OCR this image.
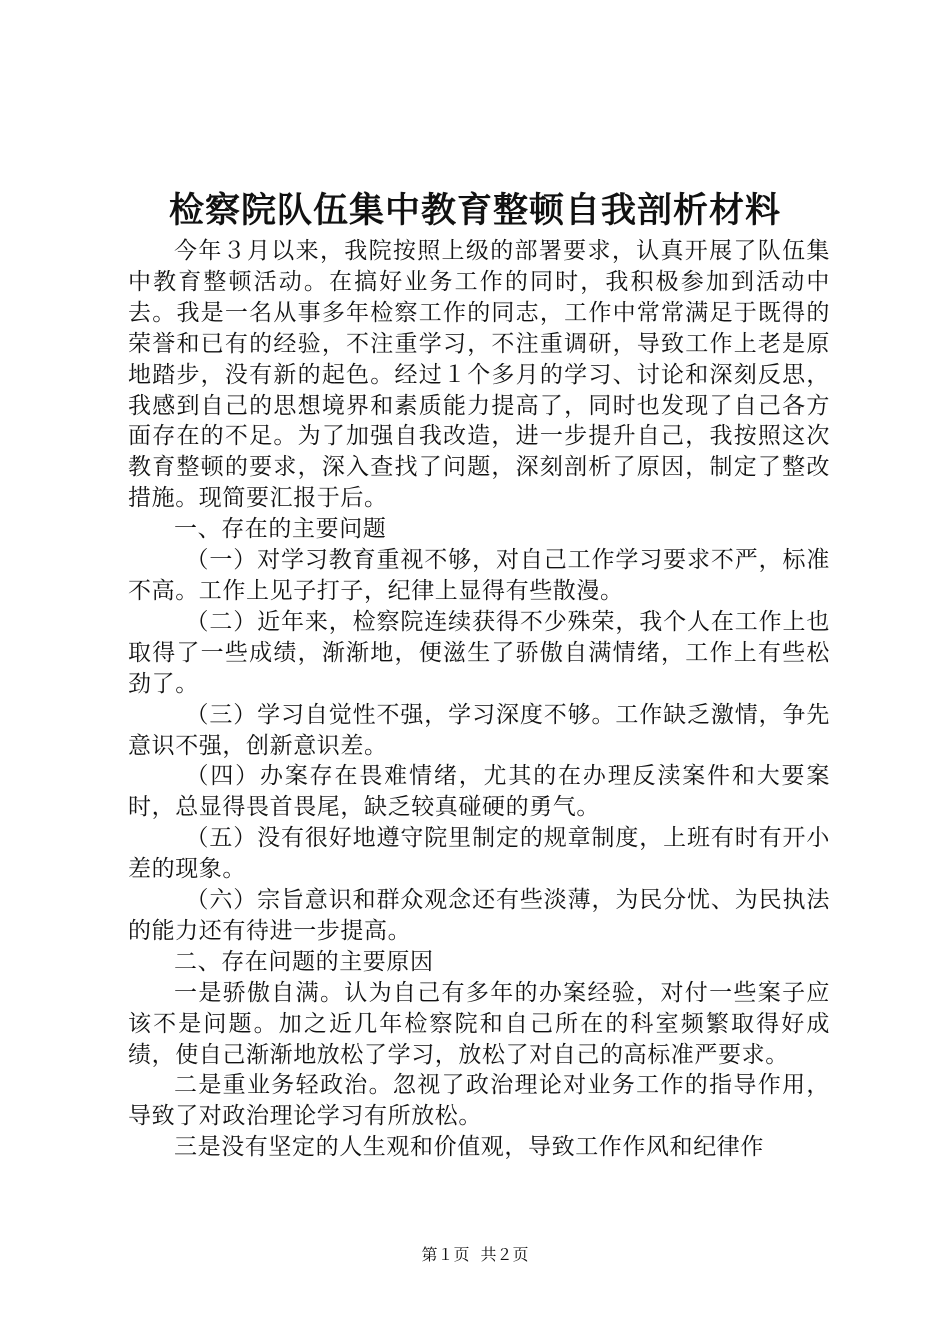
检察院队伍集中教育整顿自我剖析材料

今年３月以来，我院按照上级的部署要求，认真开展了队伍集中教育整顿活动。在搞好业务工作的同时，我积极参加到活动中去。我是一名从事多年检察工作的同志，工作中常常满足于既得的荣誉和已有的经验，不注重学习，不注重调研，导致工作上老是原地踏步，没有新的起色。经过１个多月的学习、讨论和深刻反思，我感到自己的思想境界和素质能力提高了，同时也发现了自己各方面存在的不足。为了加强自我改造，进一步提升自己，我按照这次教育整顿的要求，深入查找了问题，深刻剖析了原因，制定了整改措施。现简要汇报于后。

一、存在的主要问题

（一）对学习教育重视不够，对自己工作学习要求不严，标准不高。工作上见子打子，纪律上显得有些散漫。

（二）近年来，检察院连续获得不少殊荣，我个人在工作上也取得了一些成绩，渐渐地，便滋生了骄傲自满情绪，工作上有些松劲了。

（三）学习自觉性不强，学习深度不够。工作缺乏激情，争先意识不强，创新意识差。

（四）办案存在畏难情绪，尤其的在办理反渎案件和大要案时，总显得畏首畏尾，缺乏较真碰硬的勇气。

（五）没有很好地遵守院里制定的规章制度，上班有时有开小差的现象。

（六）宗旨意识和群众观念还有些淡薄，为民分忧、为民执法的能力还有待进一步提高。

二、存在问题的主要原因

一是骄傲自满。认为自己有多年的办案经验，对付一些案子应该不是问题。加之近几年检察院和自己所在的科室频繁取得好成绩，使自己渐渐地放松了学习，放松了对自己的高标准严要求。

二是重业务轻政治。忽视了政治理论对业务工作的指导作用，导致了对政治理论学习有所放松。

三是没有坚定的人生观和价值观，导致工作作风和纪律作

第１页 共２页
